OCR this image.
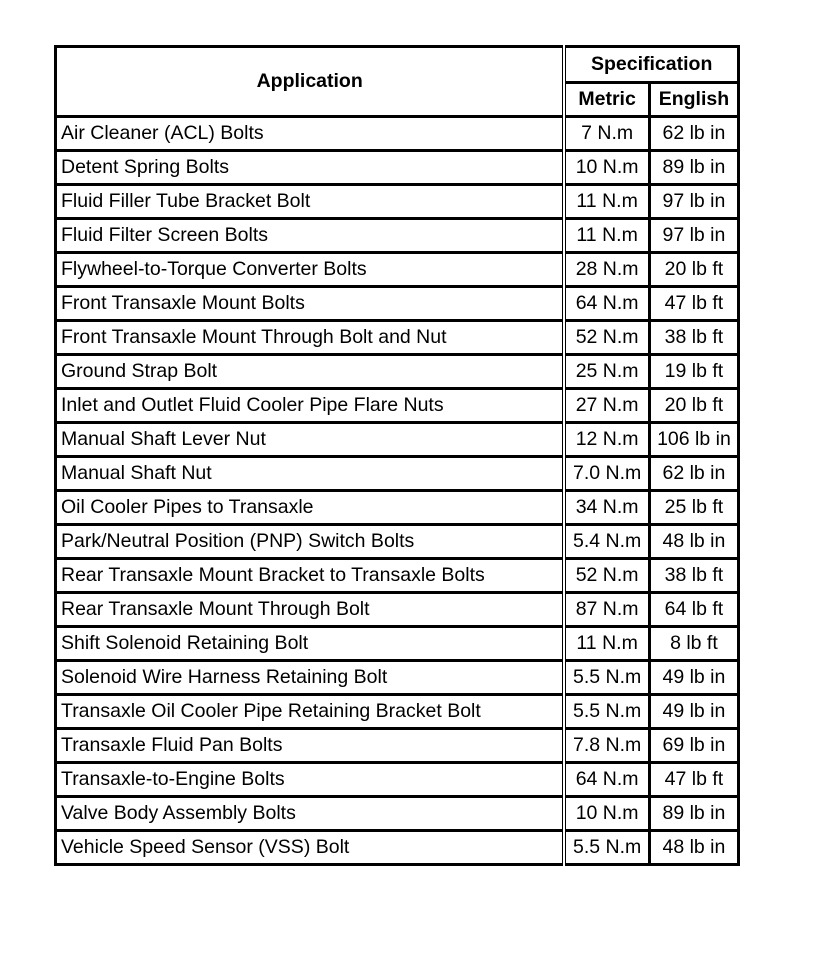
Application	Specification	
	Metric	English
Air Cleaner (ACL) Bolts	7 N.m	62 lb in
Detent Spring Bolts	10 N.m	89 lb in
Fluid Filler Tube Bracket Bolt	11 N.m	97 lb in
Fluid Filter Screen Bolts	11 N.m	97 lb in
Flywheel-to-Torque Converter Bolts	28 N.m	20 lb ft
Front Transaxle Mount Bolts	64 N.m	47 lb ft
Front Transaxle Mount Through Bolt and Nut	52 N.m	38 lb ft
Ground Strap Bolt	25 N.m	19 lb ft
Inlet and Outlet Fluid Cooler Pipe Flare Nuts	27 N.m	20 lb ft
Manual Shaft Lever Nut	12 N.m	106 lb in
Manual Shaft Nut	7.0 N.m	62 lb in
Oil Cooler Pipes to Transaxle	34 N.m	25 lb ft
Park/Neutral Position (PNP) Switch Bolts	5.4 N.m	48 lb in
Rear Transaxle Mount Bracket to Transaxle Bolts	52 N.m	38 lb ft
Rear Transaxle Mount Through Bolt	87 N.m	64 lb ft
Shift Solenoid Retaining Bolt	11 N.m	8 lb ft
Solenoid Wire Harness Retaining Bolt	5.5 N.m	49 lb in
Transaxle Oil Cooler Pipe Retaining Bracket Bolt	5.5 N.m	49 lb in
Transaxle Fluid Pan Bolts	7.8 N.m	69 lb in
Transaxle-to-Engine Bolts	64 N.m	47 lb ft
Valve Body Assembly Bolts	10 N.m	89 lb in
Vehicle Speed Sensor (VSS) Bolt	5.5 N.m	48 lb in
